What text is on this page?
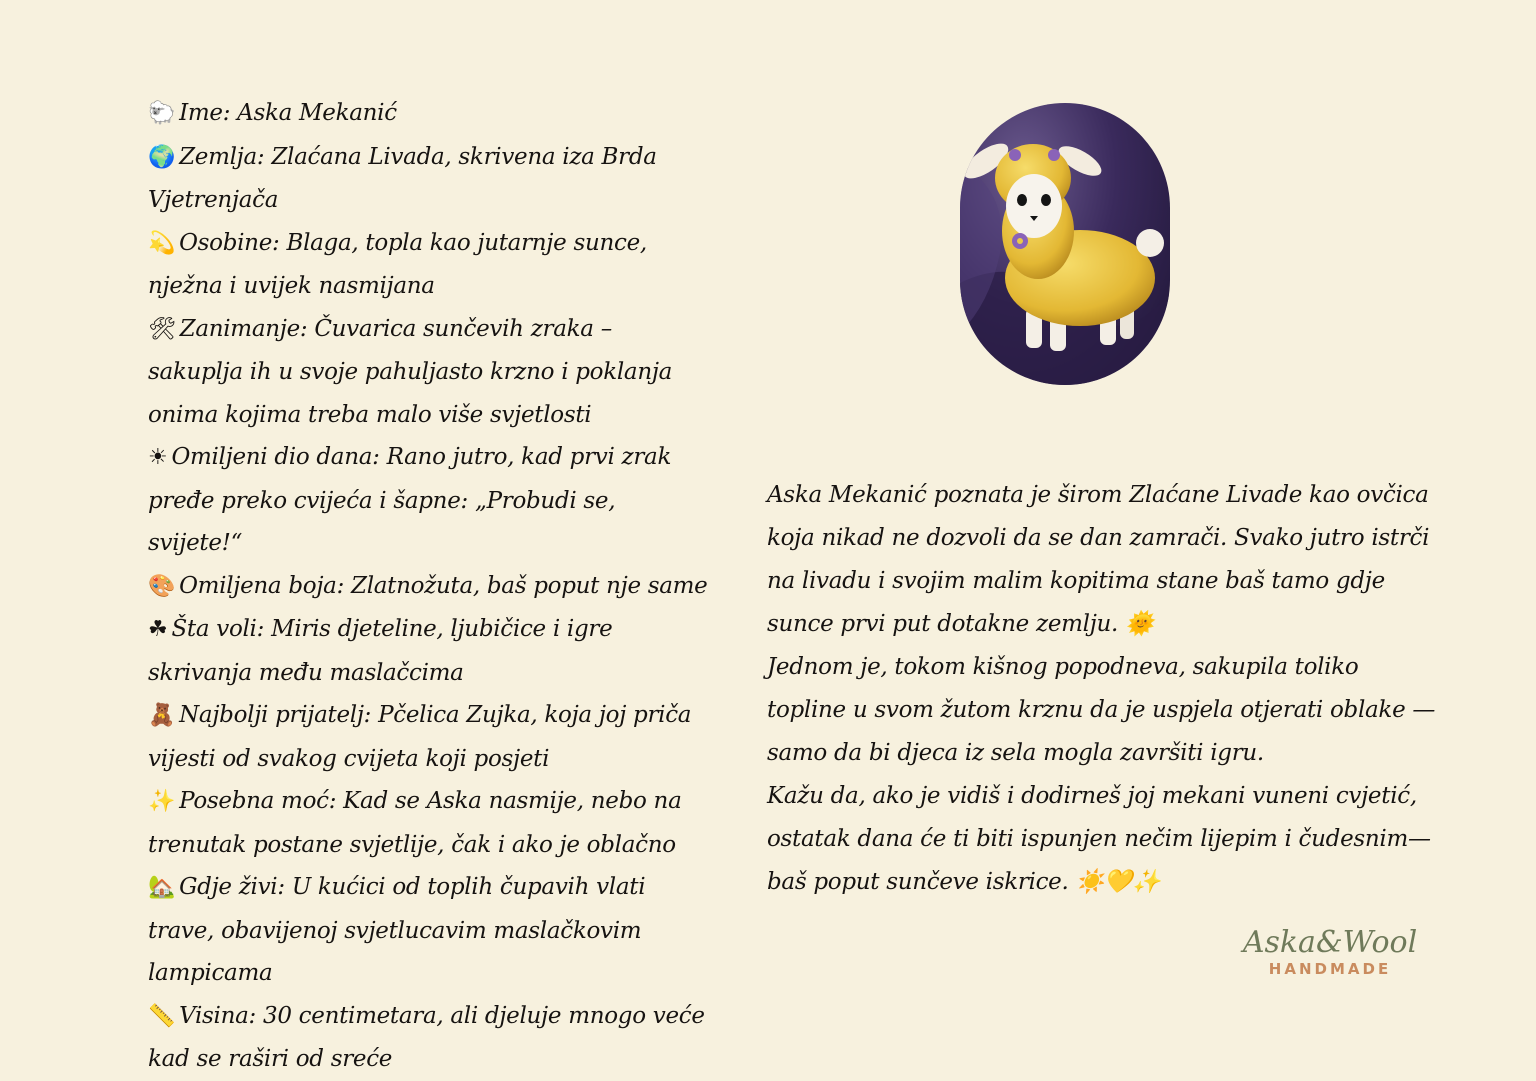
🐑 Ime: Aska Mekanić
🌍 Zemlja: Zlaćana Livada, skrivena iza Brda Vjetrenjača
💫 Osobine: Blaga, topla kao jutarnje sunce, nježna i uvijek nasmijana
🛠 Zanimanje: Čuvarica sunčevih zraka – sakuplja ih u svoje pahuljasto krzno i poklanja onima kojima treba malo više svjetlosti
☀ Omiljeni dio dana: Rano jutro, kad prvi zrak pređe preko cvijeća i šapne: „Probudi se, svijete!“
🎨 Omiljena boja: Zlatnožuta, baš poput nje same
☘ Šta voli: Miris djeteline, ljubičice i igre skrivanja među maslačcima
🧸 Najbolji prijatelj: Pčelica Zujka, koja joj priča vijesti od svakog cvijeta koji posjeti
✨ Posebna moć: Kad se Aska nasmije, nebo na trenutak postane svjetlije, čak i ako je oblačno
🏡 Gdje živi: U kućici od toplih čupavih vlati trave, obavijenoj svjetlucavim maslačkovim lampicama
📏 Visina: 30 centimetara, ali djeluje mnogo veće kad se raširi od sreće

Aska Mekanić poznata je širom Zlaćane Livade kao ovčica koja nikad ne dozvoli da se dan zamrači. Svako jutro istrči na livadu i svojim malim kopitima stane baš tamo gdje sunce prvi put dotakne zemlju. 🌞

Jednom je, tokom kišnog popodneva, sakupila toliko topline u svom žutom krznu da je uspjela otjerati oblake — samo da bi djeca iz sela mogla završiti igru.

Kažu da, ako je vidiš i dodirneš joj mekani vuneni cvjetić, ostatak dana će ti biti ispunjen nečim lijepim i čudesnim—baš poput sunčeve iskrice. ☀️💛✨

Aska&Wool
HANDMADE
